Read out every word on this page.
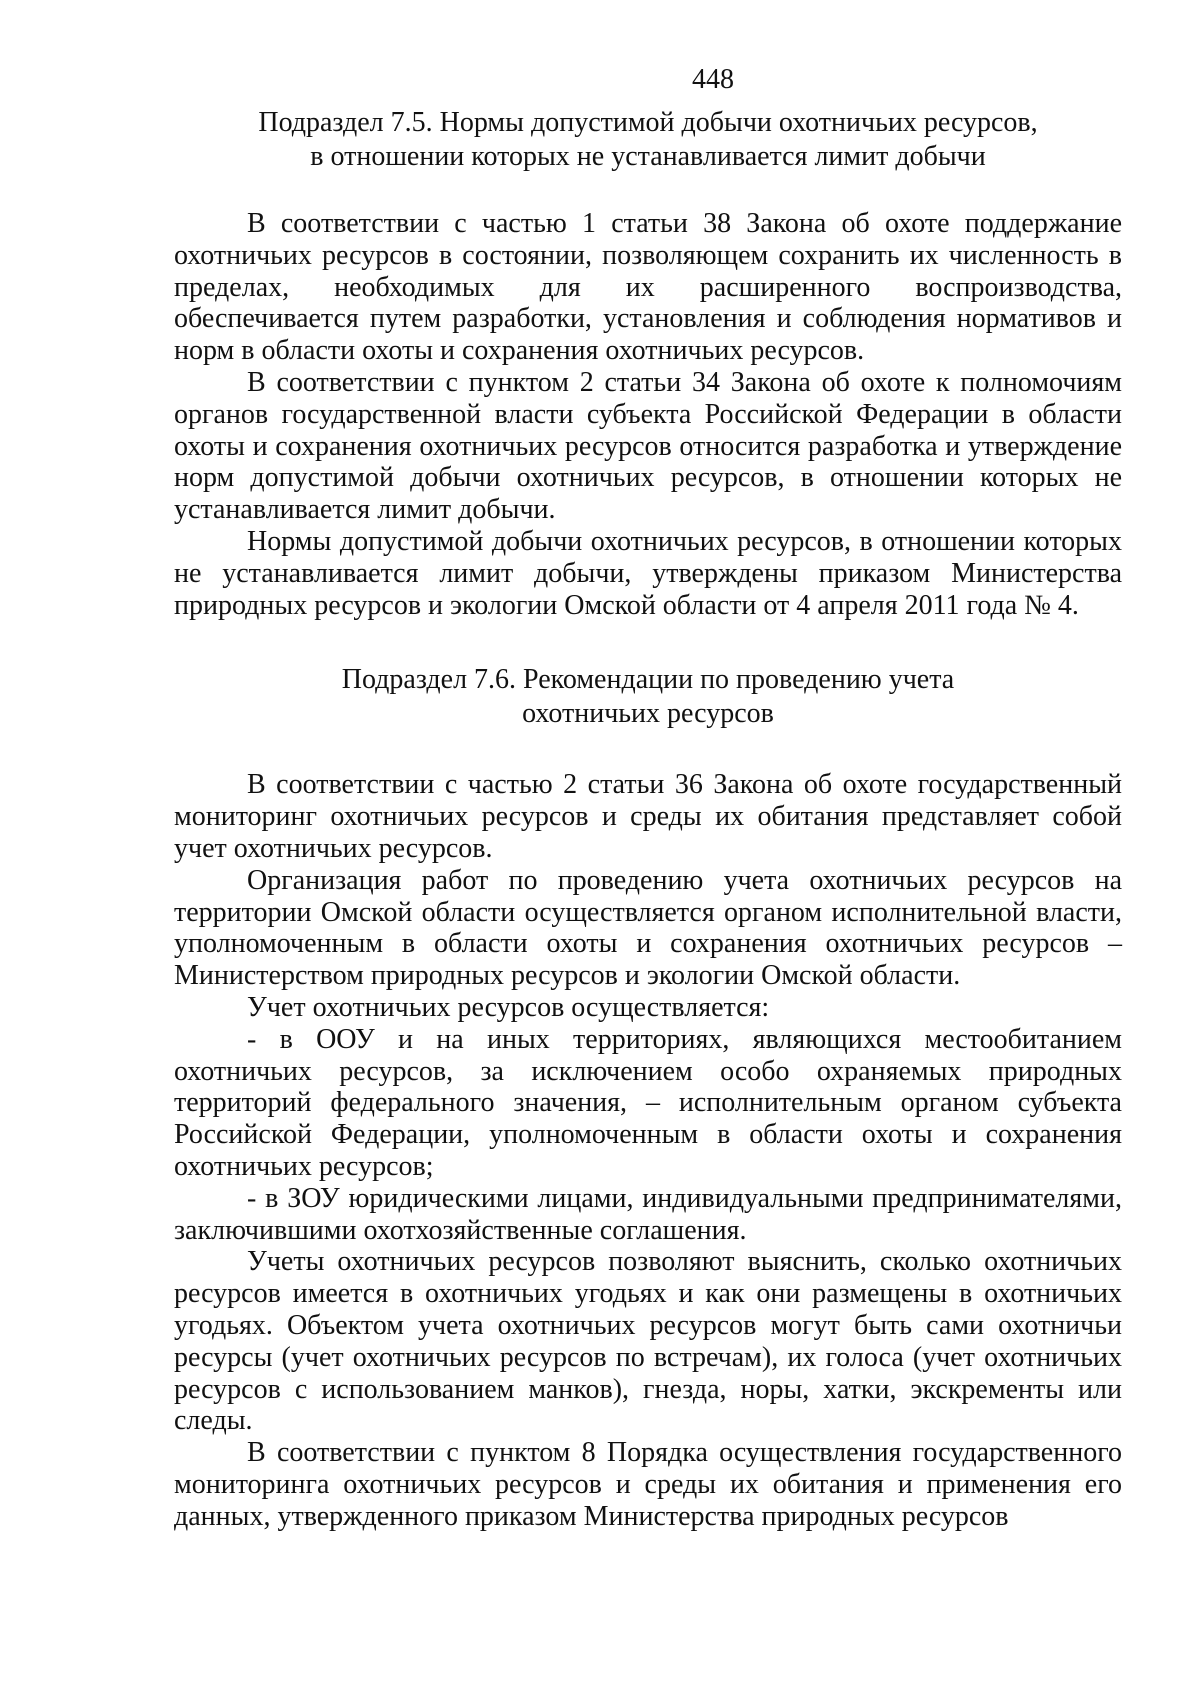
448
Подраздел 7.5. Нормы допустимой добычи охотничьих ресурсов,
в отношении которых не устанавливается лимит добычи

В соответствии с частью 1 статьи 38 Закона об охоте поддержание охотничьих ресурсов в состоянии, позволяющем сохранить их численность в пределах, необходимых для их расширенного воспроизводства, обеспечивается путем разработки, установления и соблюдения нормативов и норм в области охоты и сохранения охотничьих ресурсов.

В соответствии с пунктом 2 статьи 34 Закона об охоте к полномочиям органов государственной власти субъекта Российской Федерации в области охоты и сохранения охотничьих ресурсов относится разработка и утверждение норм допустимой добычи охотничьих ресурсов, в отношении которых не устанавливается лимит добычи.

Нормы допустимой добычи охотничьих ресурсов, в отношении которых не устанавливается лимит добычи, утверждены приказом Министерства природных ресурсов и экологии Омской области от 4 апреля 2011 года № 4.

Подраздел 7.6. Рекомендации по проведению учета
охотничьих ресурсов

В соответствии с частью 2 статьи 36 Закона об охоте государственный мониторинг охотничьих ресурсов и среды их обитания представляет собой учет охотничьих ресурсов.

Организация работ по проведению учета охотничьих ресурсов на территории Омской области осуществляется органом исполнительной власти, уполномоченным в области охоты и сохранения охотничьих ресурсов – Министерством природных ресурсов и экологии Омской области.

Учет охотничьих ресурсов осуществляется:

- в ООУ и на иных территориях, являющихся местообитанием охотничьих ресурсов, за исключением особо охраняемых природных территорий федерального значения, – исполнительным органом субъекта Российской Федерации, уполномоченным в области охоты и сохранения охотничьих ресурсов;

- в ЗОУ юридическими лицами, индивидуальными предпринимателями, заключившими охотхозяйственные соглашения.

Учеты охотничьих ресурсов позволяют выяснить, сколько охотничьих ресурсов имеется в охотничьих угодьях и как они размещены в охотничьих угодьях. Объектом учета охотничьих ресурсов могут быть сами охотничьи ресурсы (учет охотничьих ресурсов по встречам), их голоса (учет охотничьих ресурсов с использованием манков), гнезда, норы, хатки, экскременты или следы.

В соответствии с пунктом 8 Порядка осуществления государственного мониторинга охотничьих ресурсов и среды их обитания и применения его данных, утвержденного приказом Министерства природных ресурсов
